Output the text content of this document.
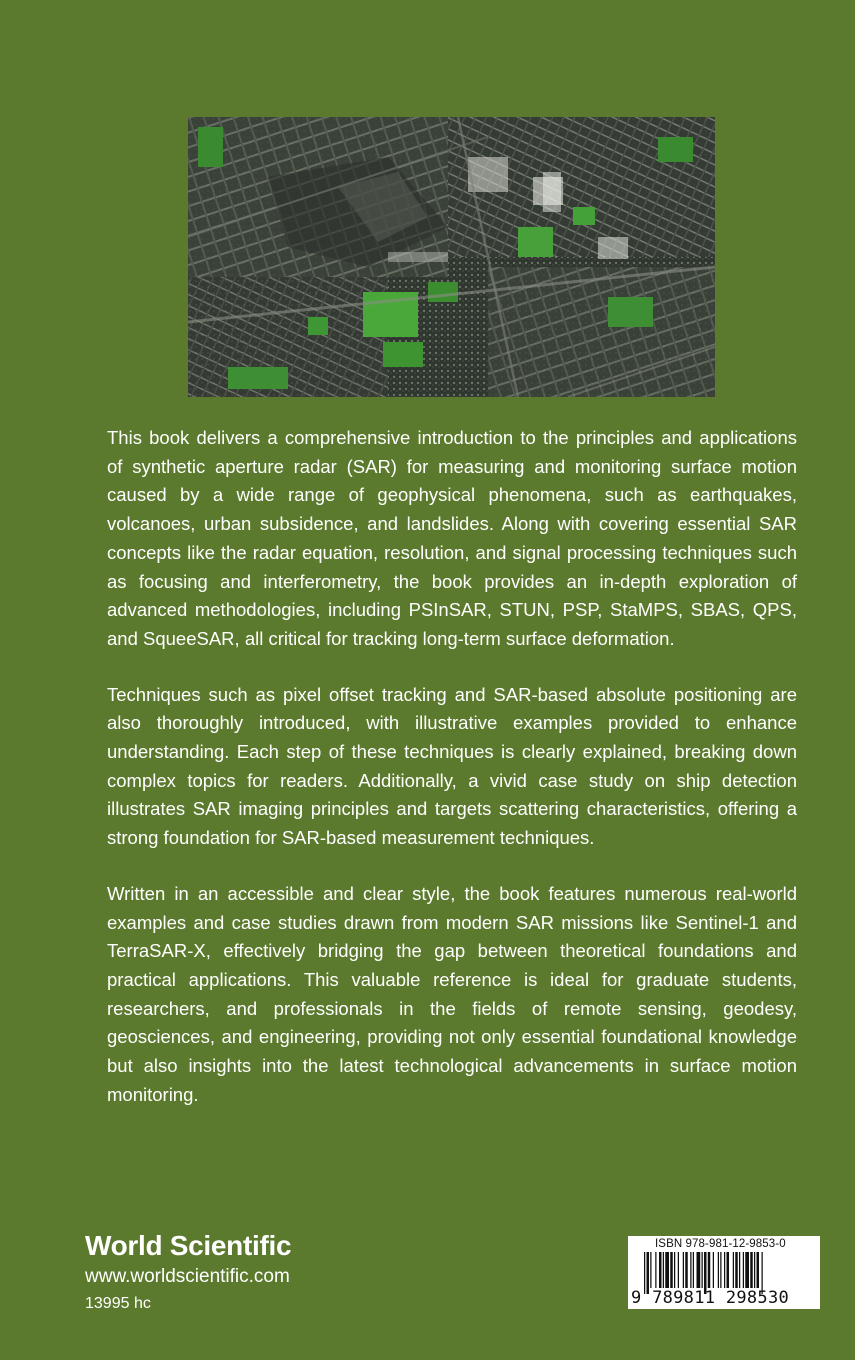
This book delivers a comprehensive introduction to the principles and applications of synthetic aperture radar (SAR) for measuring and monitoring surface motion caused by a wide range of geophysical phenomena, such as earthquakes, volcanoes, urban subsidence, and landslides. Along with covering essential SAR concepts like the radar equation, resolution, and signal processing techniques such as focusing and interferometry, the book provides an in-depth exploration of advanced methodologies, including PSInSAR, STUN, PSP, StaMPS, SBAS, QPS, and SqueeSAR, all critical for tracking long-term surface deformation.

Techniques such as pixel offset tracking and SAR-based absolute positioning are also thoroughly introduced, with illustrative examples provided to enhance understanding. Each step of these techniques is clearly explained, breaking down complex topics for readers. Additionally, a vivid case study on ship detection illustrates SAR imaging principles and targets scattering characteristics, offering a strong foundation for SAR-based measurement techniques.

Written in an accessible and clear style, the book features numerous real-world examples and case studies drawn from modern SAR missions like Sentinel-1 and TerraSAR-X, effectively bridging the gap between theoretical foundations and practical applications. This valuable reference is ideal for graduate students, researchers, and professionals in the fields of remote sensing, geodesy, geosciences, and engineering, providing not only essential foundational knowledge but also insights into the latest technological advancements in surface motion monitoring.

World Scientific
www.worldscientific.com
13995 hc
ISBN 978-981-12-9853-0
9 789811 298530
